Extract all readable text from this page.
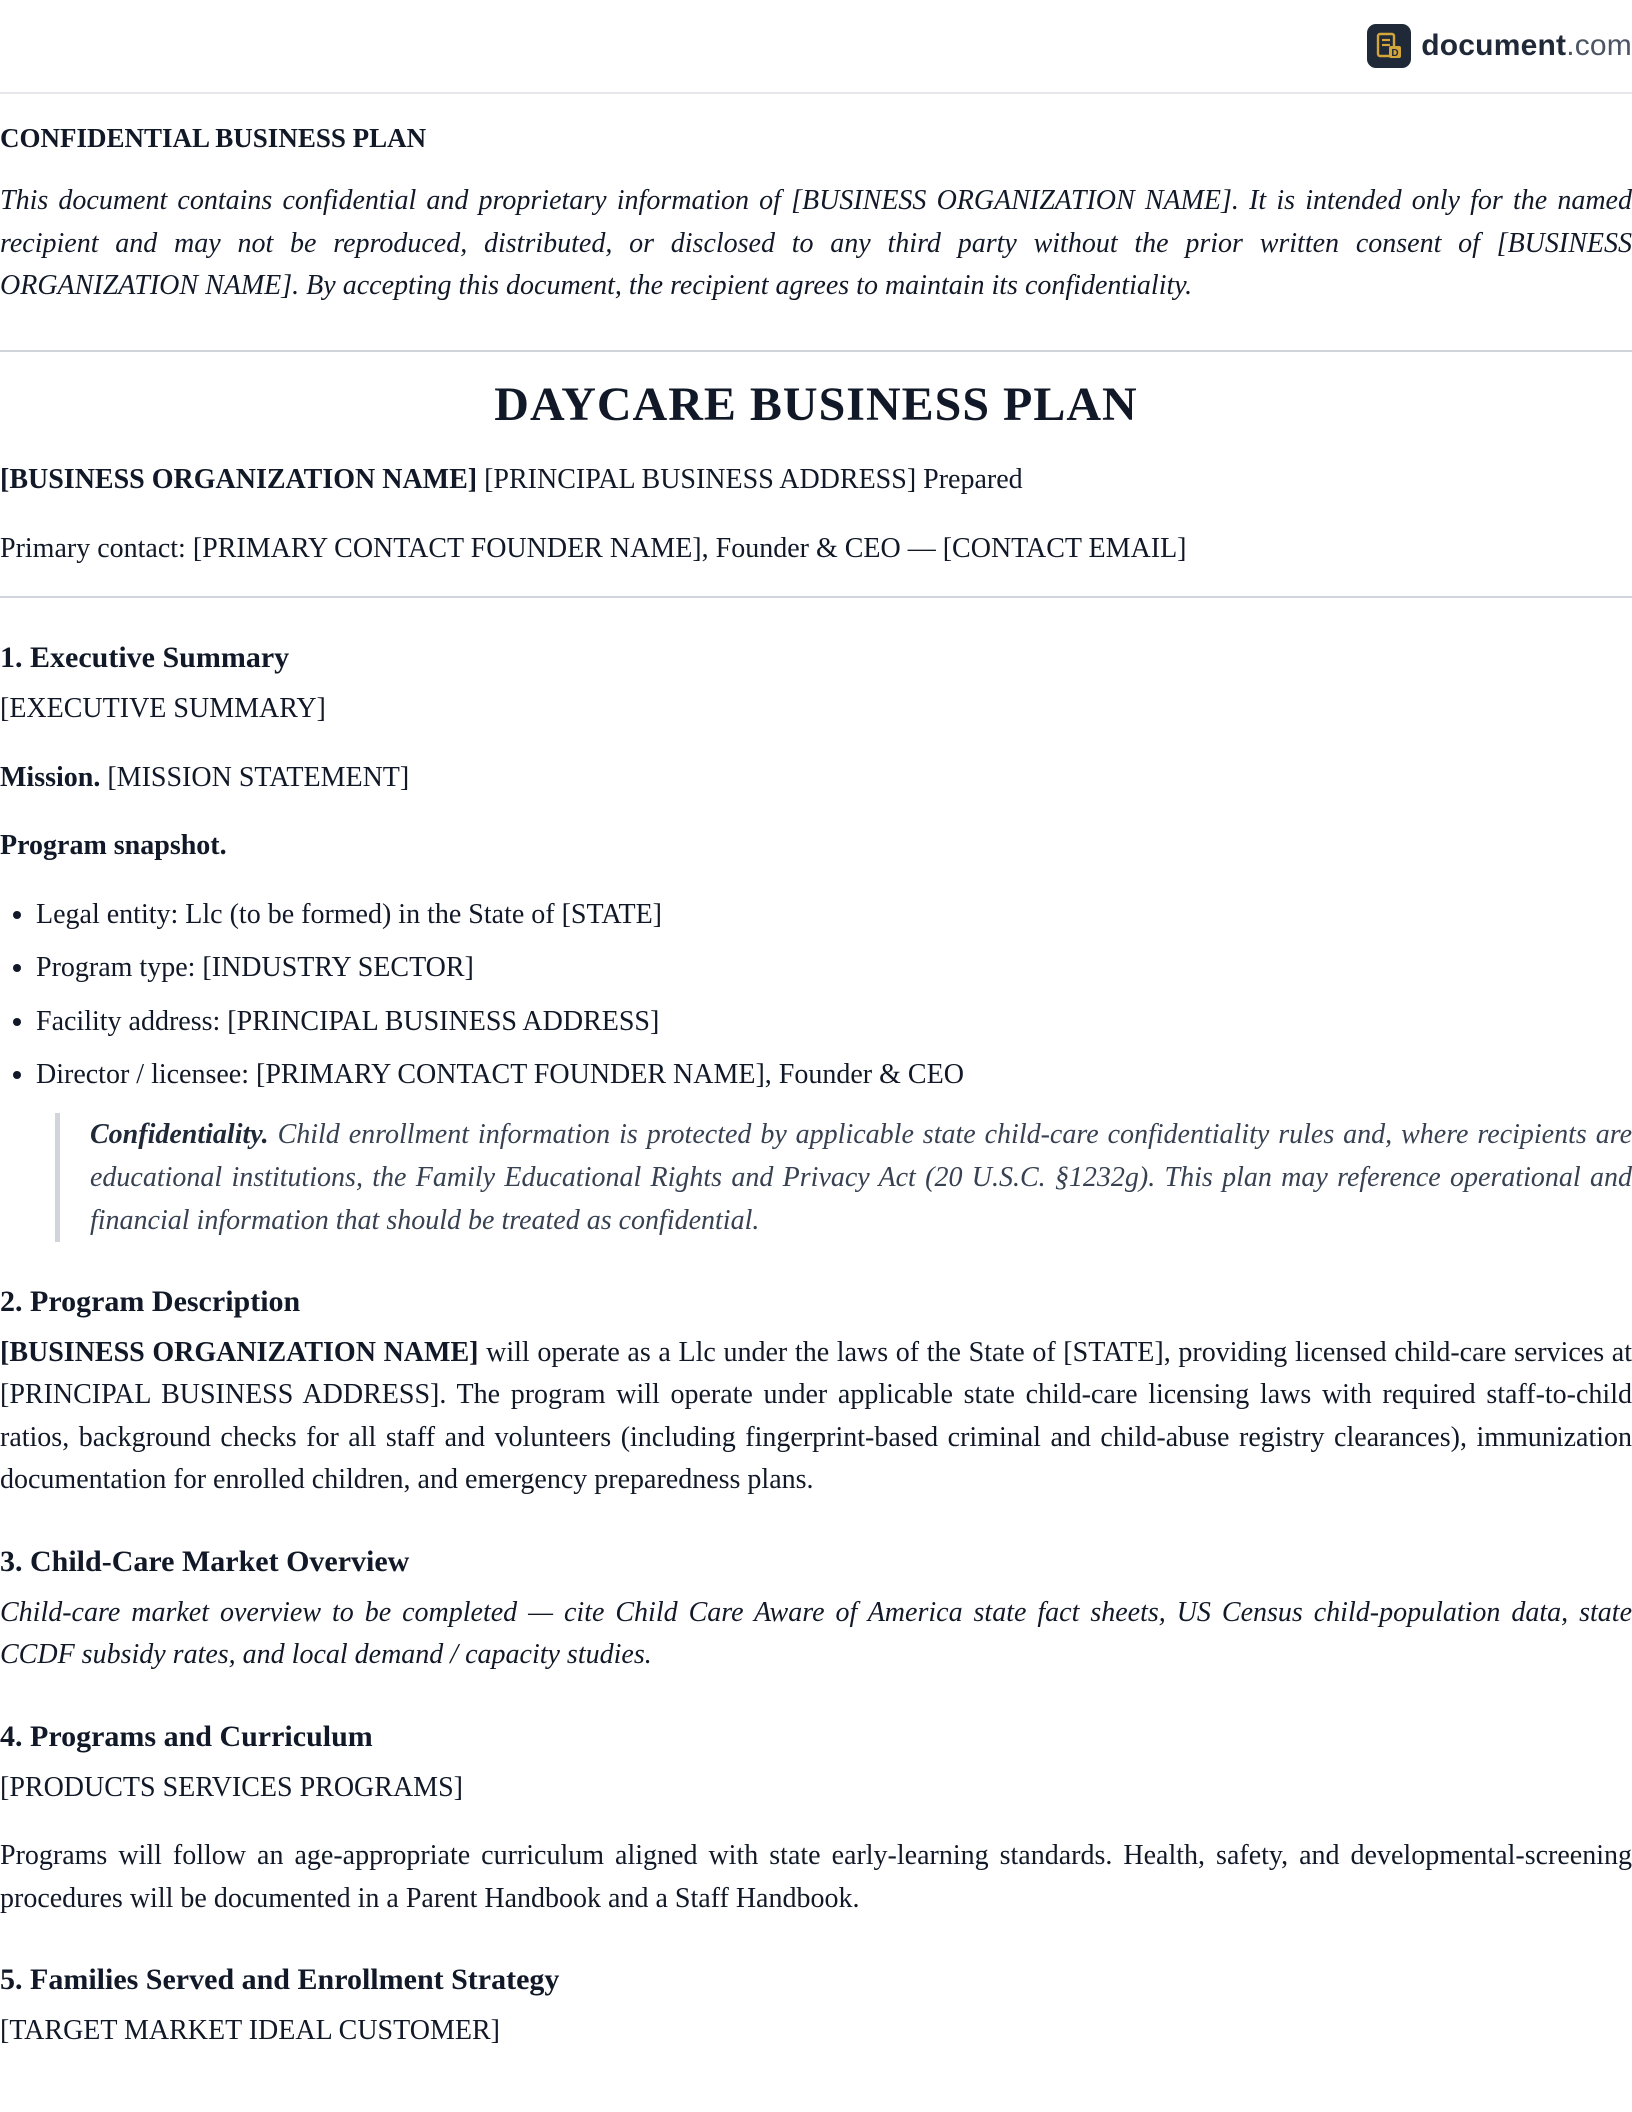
D document.com
CONFIDENTIAL BUSINESS PLAN

This document contains confidential and proprietary information of [BUSINESS ORGANIZATION NAME]. It is intended only for the named recipient and may not be reproduced, distributed, or disclosed to any third party without the prior written consent of [BUSINESS ORGANIZATION NAME]. By accepting this document, the recipient agrees to maintain its confidentiality.

DAYCARE BUSINESS PLAN

[BUSINESS ORGANIZATION NAME] [PRINCIPAL BUSINESS ADDRESS] Prepared

Primary contact: [PRIMARY CONTACT FOUNDER NAME], Founder & CEO — [CONTACT EMAIL]

1. Executive Summary

[EXECUTIVE SUMMARY]

Mission. [MISSION STATEMENT]

Program snapshot.

• Legal entity: Llc (to be formed) in the State of [STATE]
• Program type: [INDUSTRY SECTOR]
• Facility address: [PRINCIPAL BUSINESS ADDRESS]
• Director / licensee: [PRIMARY CONTACT FOUNDER NAME], Founder & CEO
Confidentiality. Child enrollment information is protected by applicable state child-care confidentiality rules and, where recipients are educational institutions, the Family Educational Rights and Privacy Act (20 U.S.C. §1232g). This plan may reference operational and financial information that should be treated as confidential.
2. Program Description

[BUSINESS ORGANIZATION NAME] will operate as a Llc under the laws of the State of [STATE], providing licensed child-care services at [PRINCIPAL BUSINESS ADDRESS]. The program will operate under applicable state child-care licensing laws with required staff-to-child ratios, background checks for all staff and volunteers (including fingerprint-based criminal and child-abuse registry clearances), immunization documentation for enrolled children, and emergency preparedness plans.

3. Child-Care Market Overview

Child-care market overview to be completed — cite Child Care Aware of America state fact sheets, US Census child-population data, state CCDF subsidy rates, and local demand / capacity studies.

4. Programs and Curriculum

[PRODUCTS SERVICES PROGRAMS]

Programs will follow an age-appropriate curriculum aligned with state early-learning standards. Health, safety, and developmental-screening procedures will be documented in a Parent Handbook and a Staff Handbook.

5. Families Served and Enrollment Strategy

[TARGET MARKET IDEAL CUSTOMER]
